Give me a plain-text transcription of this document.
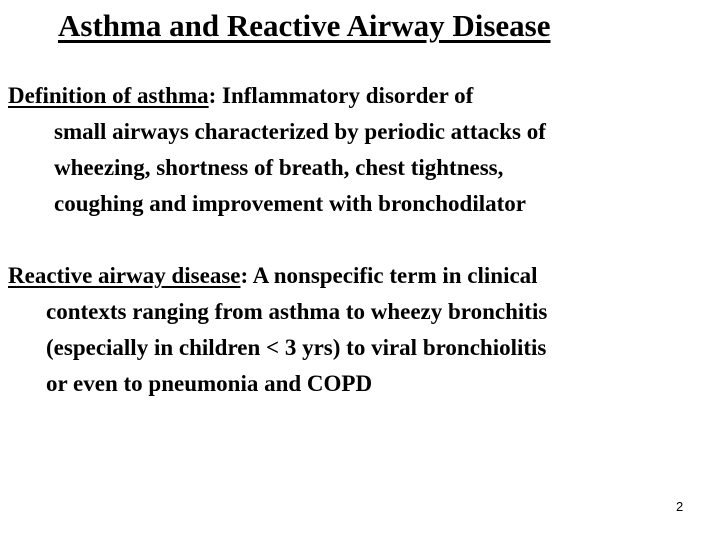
Asthma and Reactive Airway Disease
Definition of asthma: Inflammatory disorder of
small airways characterized by periodic attacks of
wheezing, shortness of breath, chest tightness,
coughing and improvement with bronchodilator
Reactive airway disease: A nonspecific term in clinical
contexts ranging from asthma to wheezy bronchitis
(especially in children < 3 yrs) to viral bronchiolitis
or even to pneumonia and COPD
2
